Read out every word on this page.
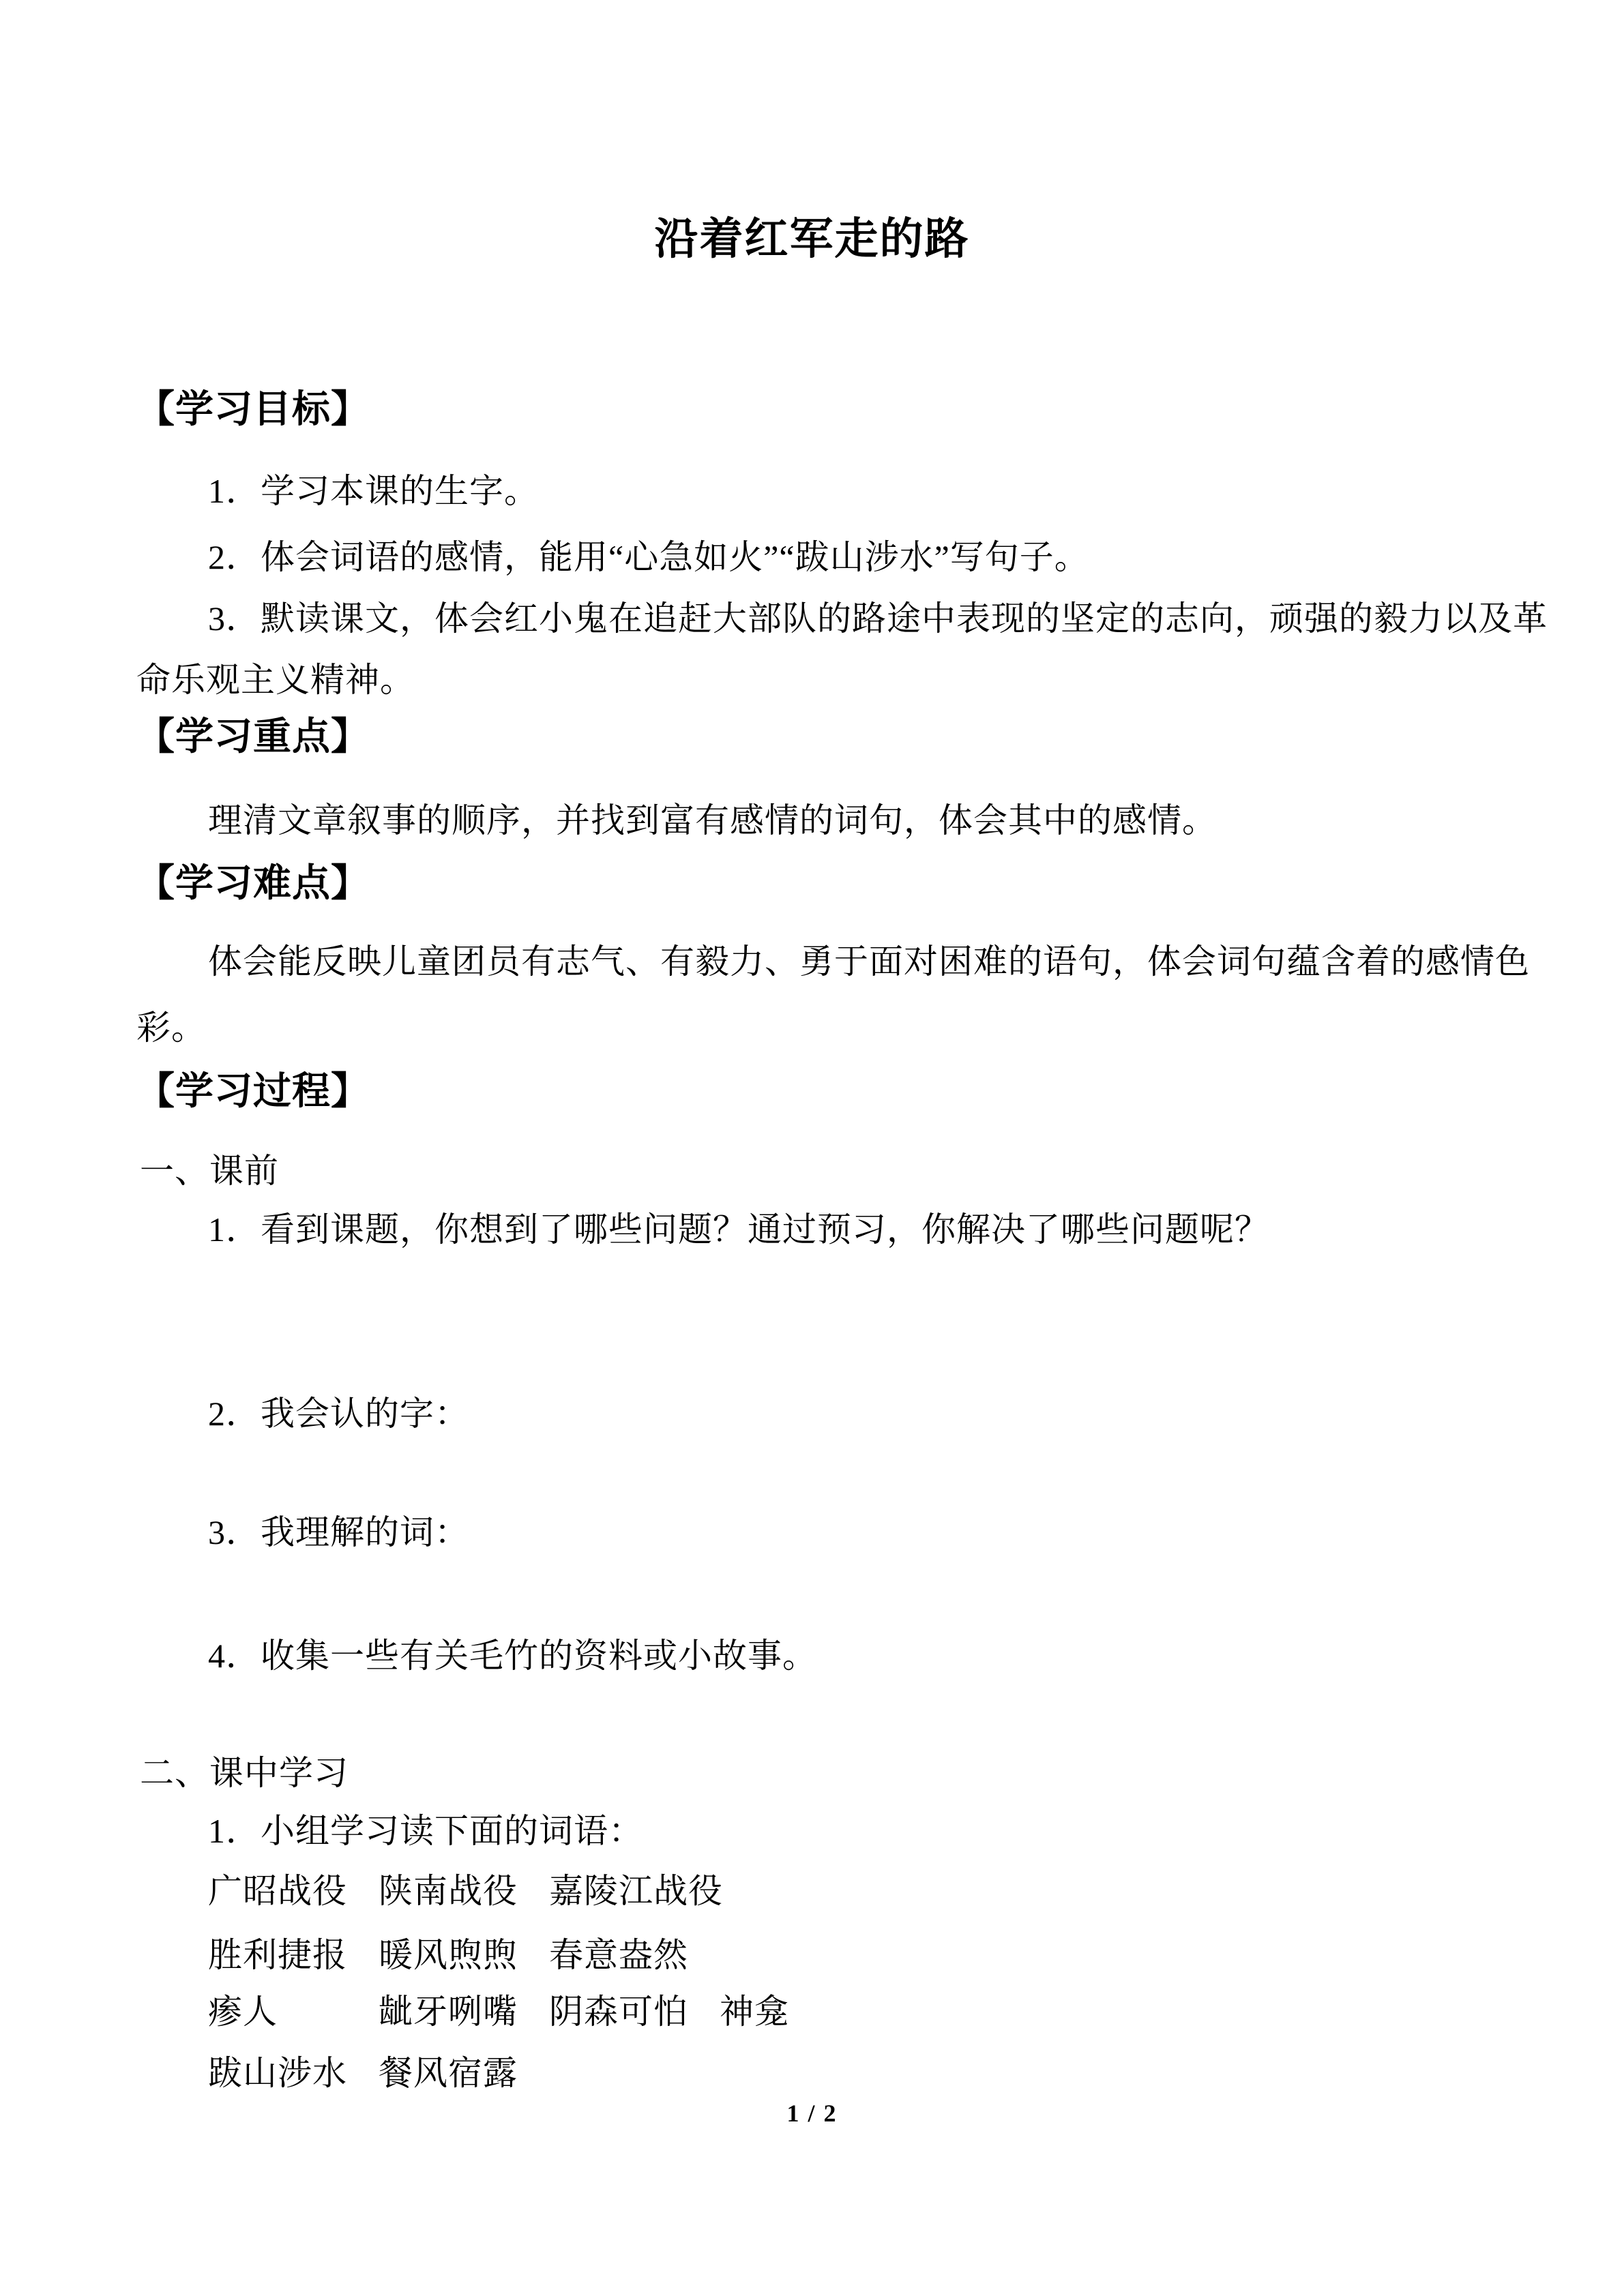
沿着红军走的路
【学习目标】
1．学习本课的生字。
2．体会词语的感情，能用“心急如火”“跋山涉水”写句子。
3．默读课文，体会红小鬼在追赶大部队的路途中表现的坚定的志向，顽强的毅力以及革
命乐观主义精神。
【学习重点】
理清文章叙事的顺序，并找到富有感情的词句，体会其中的感情。
【学习难点】
体会能反映儿童团员有志气、有毅力、勇于面对困难的语句，体会词句蕴含着的感情色
彩。
【学习过程】
一、课前
1．看到课题，你想到了哪些问题？通过预习，你解决了哪些问题呢？
2．我会认的字：
3．我理解的词：
4．收集一些有关毛竹的资料或小故事。
二、课中学习
1．小组学习读下面的词语：
广昭战役 陕南战役 嘉陵江战役
胜利捷报 暖风煦煦 春意盎然
瘆人	龇牙咧嘴 阴森可怕 神龛
跋山涉水 餐风宿露
1 / 2
